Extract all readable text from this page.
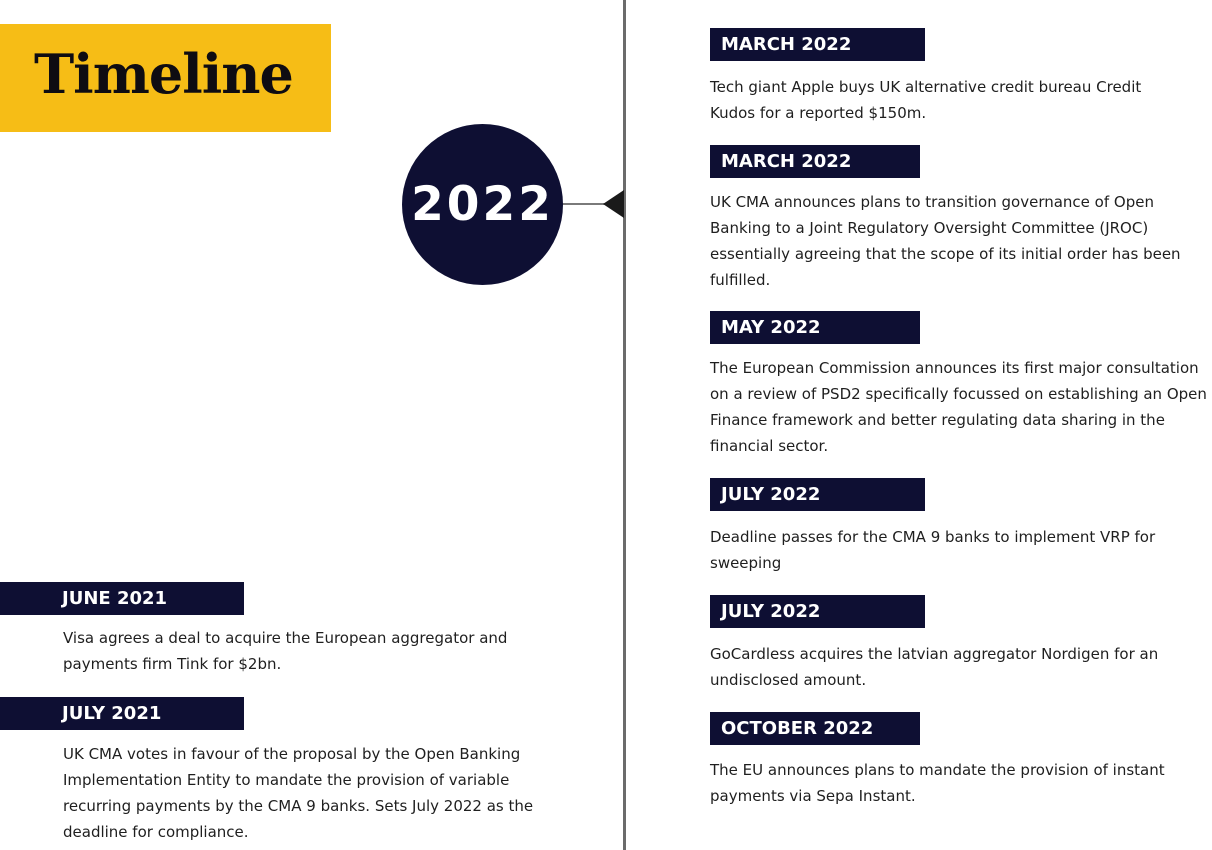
Timeline
2022
JUNE 2021
Visa agrees a deal to acquire the European aggregator and payments firm Tink for $2bn.
JULY 2021
UK CMA votes in favour of the proposal by the Open Banking Implementation Entity to mandate the provision of variable recurring payments by the CMA 9 banks. Sets July 2022 as the deadline for compliance.
MARCH 2022
Tech giant Apple buys UK alternative credit bureau Credit Kudos for a reported $150m.
MARCH 2022
UK CMA announces plans to transition governance of Open Banking to a Joint Regulatory Oversight Committee (JROC) essentially agreeing that the scope of its initial order has been fulfilled.
MAY 2022
The European Commission announces its first major consultation on a review of PSD2 specifically focussed on establishing an Open Finance framework and better regulating data sharing in the financial sector.
JULY 2022
Deadline passes for the CMA 9 banks to implement VRP for sweeping
JULY 2022
GoCardless acquires the latvian aggregator Nordigen for an undisclosed amount.
OCTOBER 2022
The EU announces plans to mandate the provision of instant payments via Sepa Instant.
